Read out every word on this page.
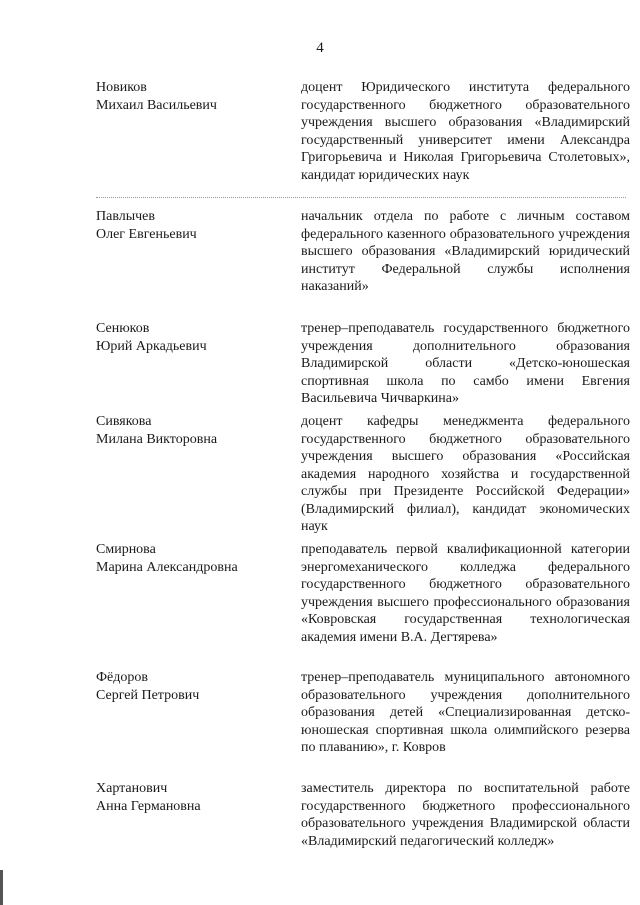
4
Новиков
Михаил Васильевич
доцент Юридического института федерального государственного бюджетного образовательного учреждения высшего образования «Владимирский государственный университет имени Александра Григорьевича и Николая Григорьевича Столетовых», кандидат юридических наук
Павлычев
Олег Евгеньевич
начальник отдела по работе с личным составом федерального казенного образовательного учреждения высшего образования «Владимирский юридический институт Федеральной службы исполнения наказаний»
Сенюков
Юрий Аркадьевич
тренер–преподаватель государственного бюджетного учреждения дополнительного образования Владимирской области «Детско-юношеская спортивная школа по самбо имени Евгения Васильевича Чичваркина»
Сивякова
Милана Викторовна
доцент кафедры менеджмента федерального государственного бюджетного образовательного учреждения высшего образования «Российская академия народного хозяйства и государственной службы при Президенте Российской Федерации» (Владимирский филиал), кандидат экономических наук
Смирнова
Марина Александровна
преподаватель первой квалификационной категории энергомеханического колледжа федерального государственного бюджетного образовательного учреждения высшего профессионального образования «Ковровская государственная технологическая академия имени В.А. Дегтярева»
Фёдоров
Сергей Петрович
тренер–преподаватель муниципального автономного образовательного учреждения дополнительного образования детей «Специализированная детско-юношеская спортивная школа олимпийского резерва по плаванию», г. Ковров
Хартанович
Анна Германовна
заместитель директора по воспитательной работе государственного бюджетного профессионального образовательного учреждения Владимирской области «Владимирский педагогический колледж»
